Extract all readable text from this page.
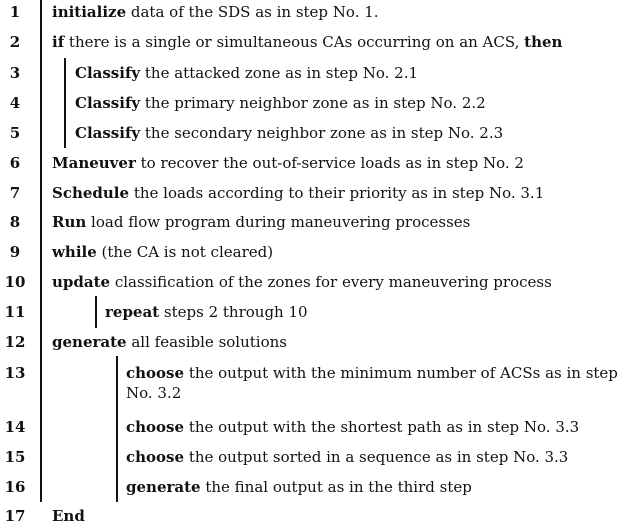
1	initialize data of the SDS as in step No. 1.
2	if there is a single or simultaneous CAs occurring on an ACS, then
3	Classify the attacked zone as in step No. 2.1
4	Classify the primary neighbor zone as in step No. 2.2
5	Classify the secondary neighbor zone as in step No. 2.3
6	Maneuver to recover the out-of-service loads as in step No. 2
7	Schedule the loads according to their priority as in step No. 3.1
8	Run load flow program during maneuvering processes
9	while (the CA is not cleared)
10	update classification of the zones for every maneuvering process
11	repeat steps 2 through 10
12	generate all feasible solutions
13	choose the output with the minimum number of ACSs as in step No. 3.2
14	choose the output with the shortest path as in step No. 3.3
15	choose the output sorted in a sequence as in step No. 3.3
16	generate the final output as in the third step
17	End
